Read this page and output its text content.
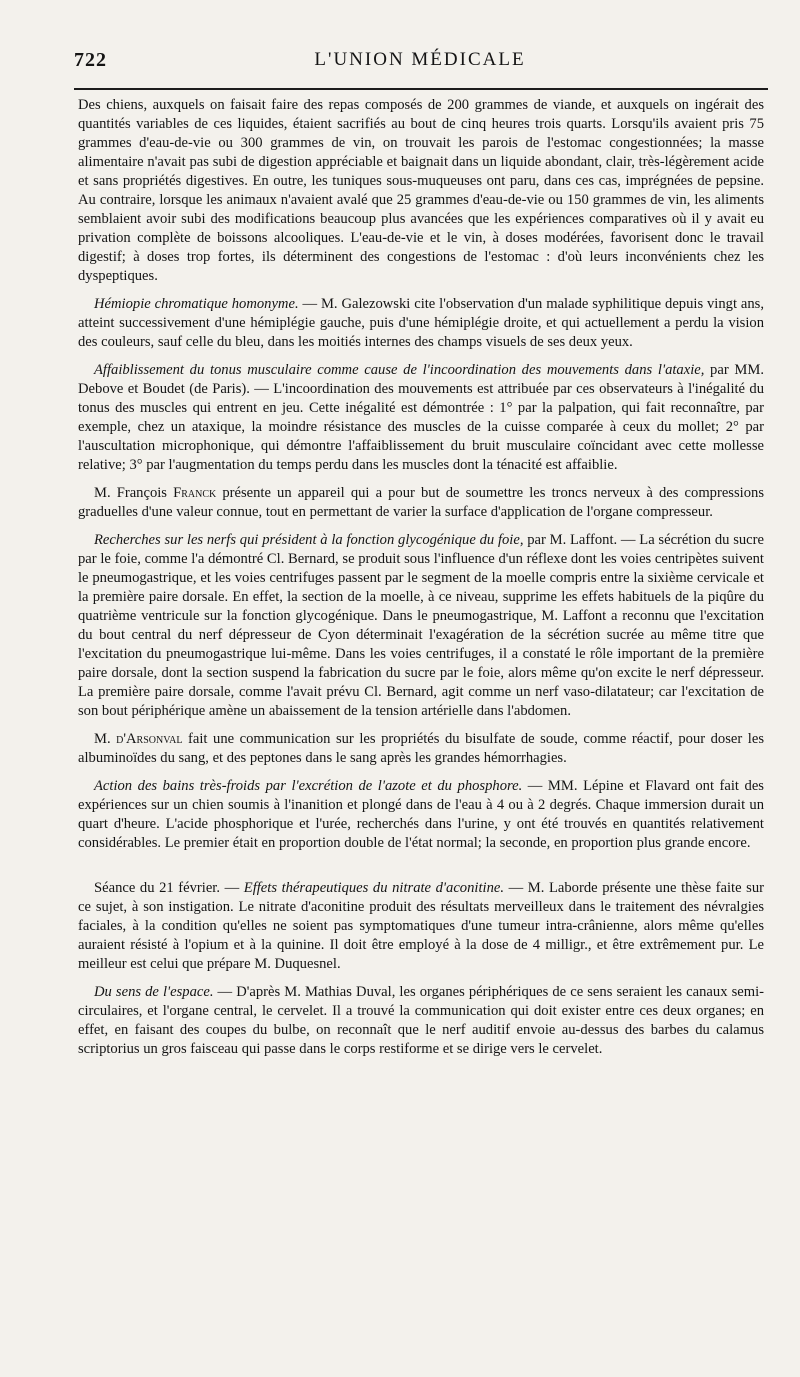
722	L'UNION MÉDICALE

Des chiens, auxquels on faisait faire des repas composés de 200 grammes de viande, et auxquels on ingérait des quantités variables de ces liquides, étaient sacrifiés au bout de cinq heures trois quarts. Lorsqu'ils avaient pris 75 grammes d'eau-de-vie ou 300 grammes de vin, on trouvait les parois de l'estomac congestionnées; la masse alimentaire n'avait pas subi de digestion appréciable et baignait dans un liquide abondant, clair, très-légèrement acide et sans propriétés digestives. En outre, les tuniques sous-muqueuses ont paru, dans ces cas, imprégnées de pepsine. Au contraire, lorsque les animaux n'avaient avalé que 25 grammes d'eau-de-vie ou 150 grammes de vin, les aliments semblaient avoir subi des modifications beaucoup plus avancées que les expériences comparatives où il y avait eu privation complète de boissons alcooliques. L'eau-de-vie et le vin, à doses modérées, favorisent donc le travail digestif; à doses trop fortes, ils déterminent des congestions de l'estomac : d'où leurs inconvénients chez les dyspeptiques.

Hémiopie chromatique homonyme. — M. Galezowski cite l'observation d'un malade syphilitique depuis vingt ans, atteint successivement d'une hémiplégie gauche, puis d'une hémiplégie droite, et qui actuellement a perdu la vision des couleurs, sauf celle du bleu, dans les moitiés internes des champs visuels de ses deux yeux.

Affaiblissement du tonus musculaire comme cause de l'incoordination des mouvements dans l'ataxie, par MM. Debove et Boudet (de Paris). — L'incoordination des mouvements est attribuée par ces observateurs à l'inégalité du tonus des muscles qui entrent en jeu. Cette inégalité est démontrée : 1° par la palpation, qui fait reconnaître, par exemple, chez un ataxique, la moindre résistance des muscles de la cuisse comparée à ceux du mollet; 2° par l'auscultation microphonique, qui démontre l'affaiblissement du bruit musculaire coïncidant avec cette mollesse relative; 3° par l'augmentation du temps perdu dans les muscles dont la ténacité est affaiblie.

M. François Franck présente un appareil qui a pour but de soumettre les troncs nerveux à des compressions graduelles d'une valeur connue, tout en permettant de varier la surface d'application de l'organe compresseur.

Recherches sur les nerfs qui président à la fonction glycogénique du foie, par M. Laffont. — La sécrétion du sucre par le foie, comme l'a démontré Cl. Bernard, se produit sous l'influence d'un réflexe dont les voies centripètes suivent le pneumogastrique, et les voies centrifuges passent par le segment de la moelle compris entre la sixième cervicale et la première paire dorsale. En effet, la section de la moelle, à ce niveau, supprime les effets habituels de la piqûre du quatrième ventricule sur la fonction glycogénique. Dans le pneumogastrique, M. Laffont a reconnu que l'excitation du bout central du nerf dépresseur de Cyon déterminait l'exagération de la sécrétion sucrée au même titre que l'excitation du pneumogastrique lui-même. Dans les voies centrifuges, il a constaté le rôle important de la première paire dorsale, dont la section suspend la fabrication du sucre par le foie, alors même qu'on excite le nerf dépresseur. La première paire dorsale, comme l'avait prévu Cl. Bernard, agit comme un nerf vaso-dilatateur; car l'excitation de son bout périphérique amène un abaissement de la tension artérielle dans l'abdomen.

M. d'Arsonval fait une communication sur les propriétés du bisulfate de soude, comme réactif, pour doser les albuminoïdes du sang, et des peptones dans le sang après les grandes hémorrhagies.

Action des bains très-froids par l'excrétion de l'azote et du phosphore. — MM. Lépine et Flavard ont fait des expériences sur un chien soumis à l'inanition et plongé dans de l'eau à 4 ou à 2 degrés. Chaque immersion durait un quart d'heure. L'acide phosphorique et l'urée, recherchés dans l'urine, y ont été trouvés en quantités relativement considérables. Le premier était en proportion double de l'état normal; la seconde, en proportion plus grande encore.

Séance du 21 février. — Effets thérapeutiques du nitrate d'aconitine. — M. Laborde présente une thèse faite sur ce sujet, à son instigation. Le nitrate d'aconitine produit des résultats merveilleux dans le traitement des névralgies faciales, à la condition qu'elles ne soient pas symptomatiques d'une tumeur intra-crânienne, alors même qu'elles auraient résisté à l'opium et à la quinine. Il doit être employé à la dose de 4 milligr., et être extrêmement pur. Le meilleur est celui que prépare M. Duquesnel.

Du sens de l'espace. — D'après M. Mathias Duval, les organes périphériques de ce sens seraient les canaux semi-circulaires, et l'organe central, le cervelet. Il a trouvé la communication qui doit exister entre ces deux organes; en effet, en faisant des coupes du bulbe, on reconnaît que le nerf auditif envoie au-dessus des barbes du calamus scriptorius un gros faisceau qui passe dans le corps restiforme et se dirige vers le cervelet.
